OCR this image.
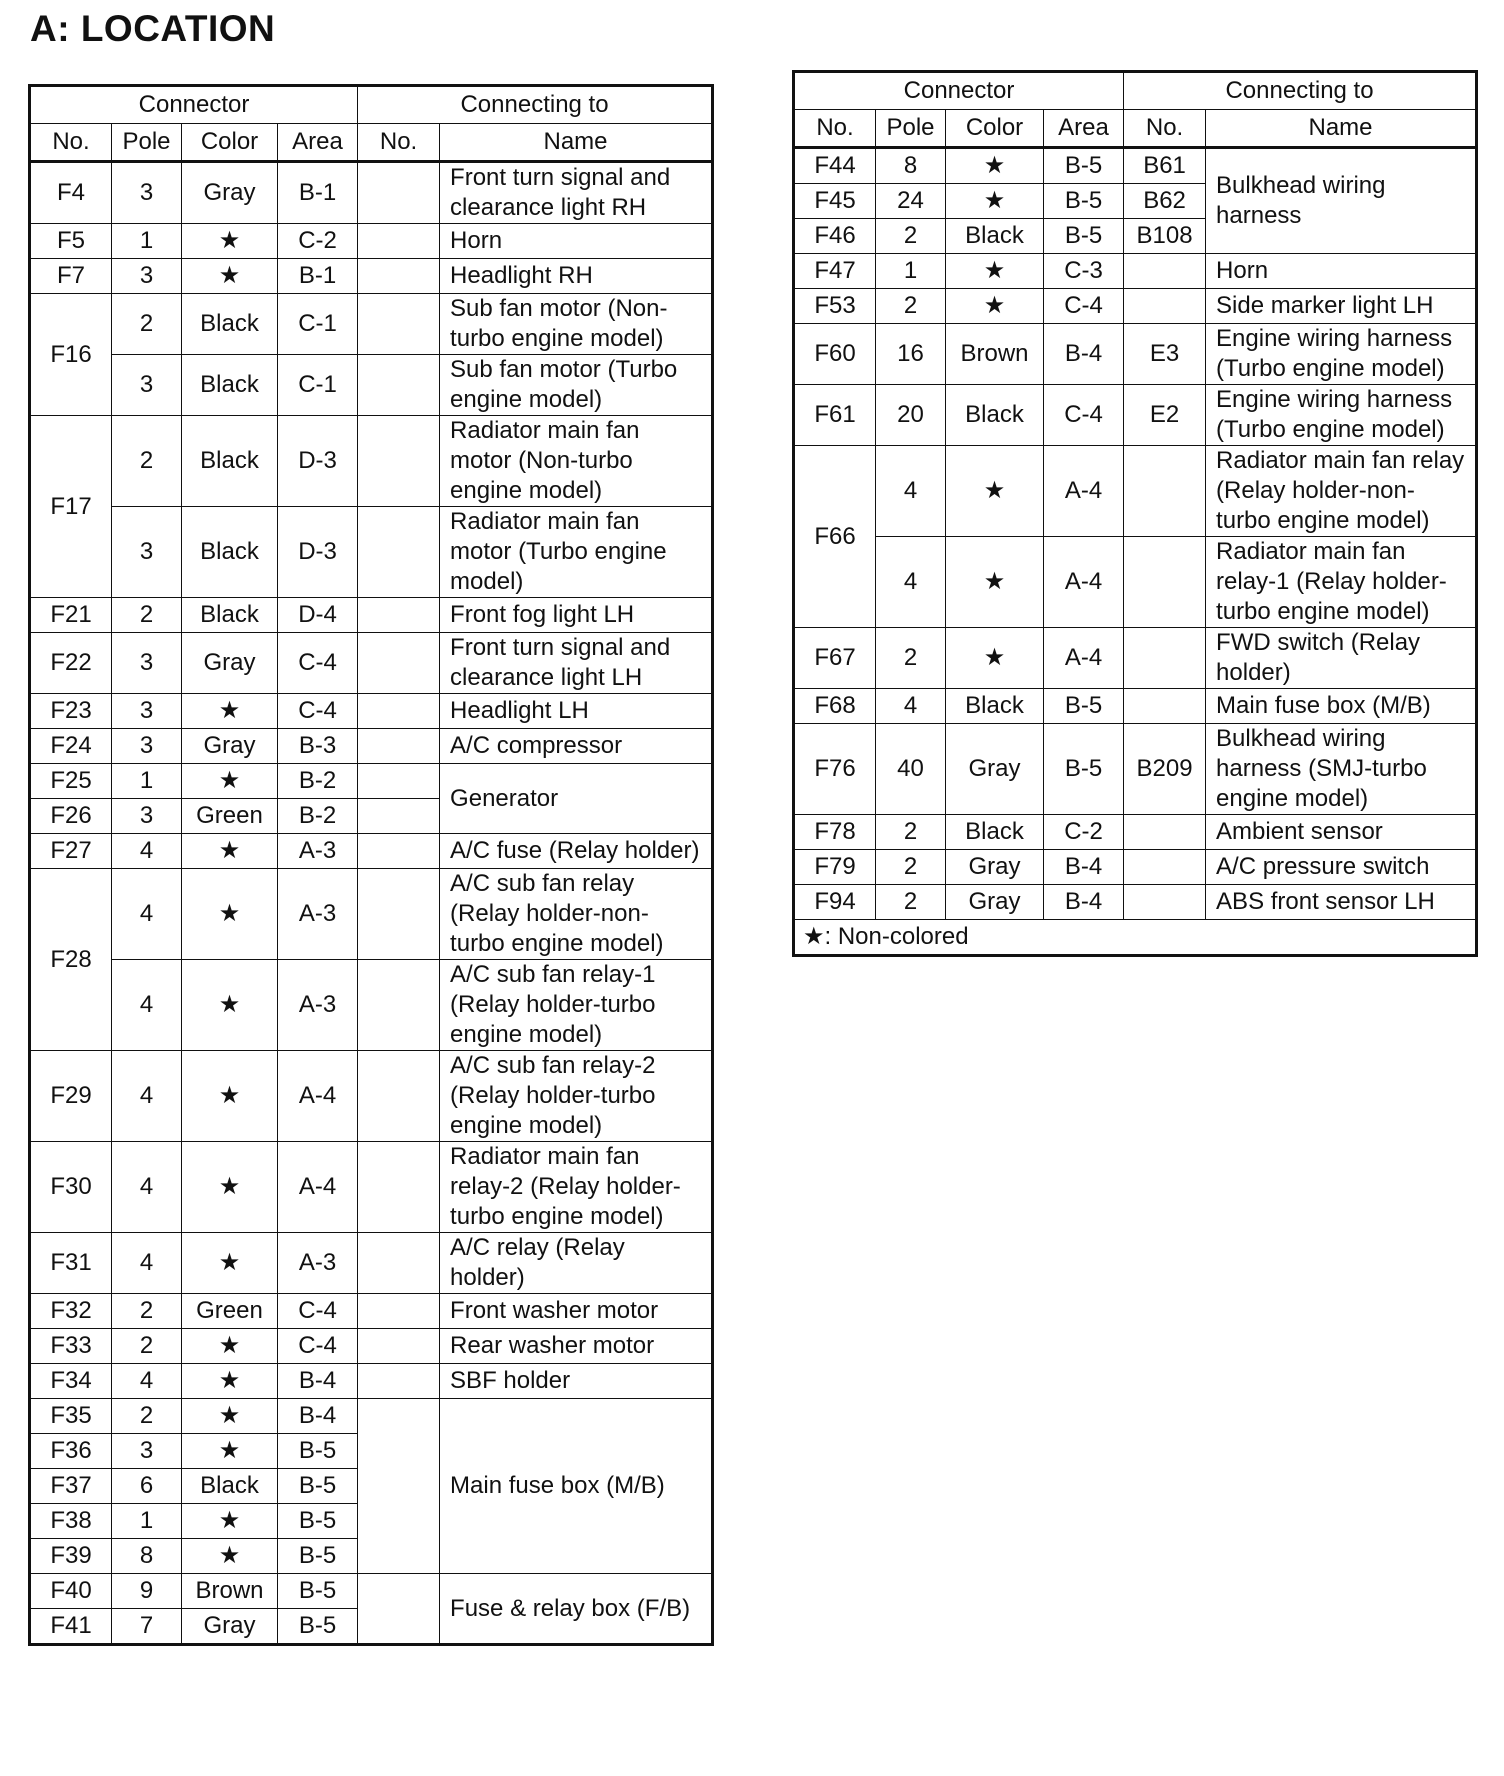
A: LOCATION
Connector				Connecting to	
No.	Pole	Color	Area	No.	Name
F4	3	Gray	B-1		Front turn signal and clearance light RH
F5	1	★	C-2		Horn
F7	3	★	B-1		Headlight RH
F16	2	Black	C-1		Sub fan motor (Non-turbo engine model)
	3	Black	C-1		Sub fan motor (Turbo engine model)
F17	2	Black	D-3		Radiator main fan motor (Non-turbo engine model)
	3	Black	D-3		Radiator main fan motor (Turbo engine model)
F21	2	Black	D-4		Front fog light LH
F22	3	Gray	C-4		Front turn signal and clearance light LH
F23	3	★	C-4		Headlight LH
F24	3	Gray	B-3		A/C compressor
F25	1	★	B-2		Generator
F26	3	Green	B-2		
F27	4	★	A-3		A/C fuse (Relay holder)
F28	4	★	A-3		A/C sub fan relay (Relay holder-non-turbo engine model)
	4	★	A-3		A/C sub fan relay-1 (Relay holder-turbo engine model)
F29	4	★	A-4		A/C sub fan relay-2 (Relay holder-turbo engine model)
F30	4	★	A-4		Radiator main fan relay-2 (Relay holder-turbo engine model)
F31	4	★	A-3		A/C relay (Relay holder)
F32	2	Green	C-4		Front washer motor
F33	2	★	C-4		Rear washer motor
F34	4	★	B-4		SBF holder
F35	2	★	B-4		Main fuse box (M/B)
F36	3	★	B-5		
F37	6	Black	B-5		
F38	1	★	B-5		
F39	8	★	B-5		
F40	9	Brown	B-5		Fuse & relay box (F/B)
F41	7	Gray	B-5		
Connector				Connecting to	
No.	Pole	Color	Area	No.	Name
F44	8	★	B-5	B61	Bulkhead wiring harness
F45	24	★	B-5	B62	
F46	2	Black	B-5	B108	
F47	1	★	C-3		Horn
F53	2	★	C-4		Side marker light LH
F60	16	Brown	B-4	E3	Engine wiring harness (Turbo engine model)
F61	20	Black	C-4	E2	Engine wiring harness (Turbo engine model)
F66	4	★	A-4		Radiator main fan relay (Relay holder-non-turbo engine model)
	4	★	A-4		Radiator main fan relay-1 (Relay holder-turbo engine model)
F67	2	★	A-4		FWD switch (Relay holder)
F68	4	Black	B-5		Main fuse box (M/B)
F76	40	Gray	B-5	B209	Bulkhead wiring harness (SMJ-turbo engine model)
F78	2	Black	C-2		Ambient sensor
F79	2	Gray	B-4		A/C pressure switch
F94	2	Gray	B-4		ABS front sensor LH
★: Non-colored					
